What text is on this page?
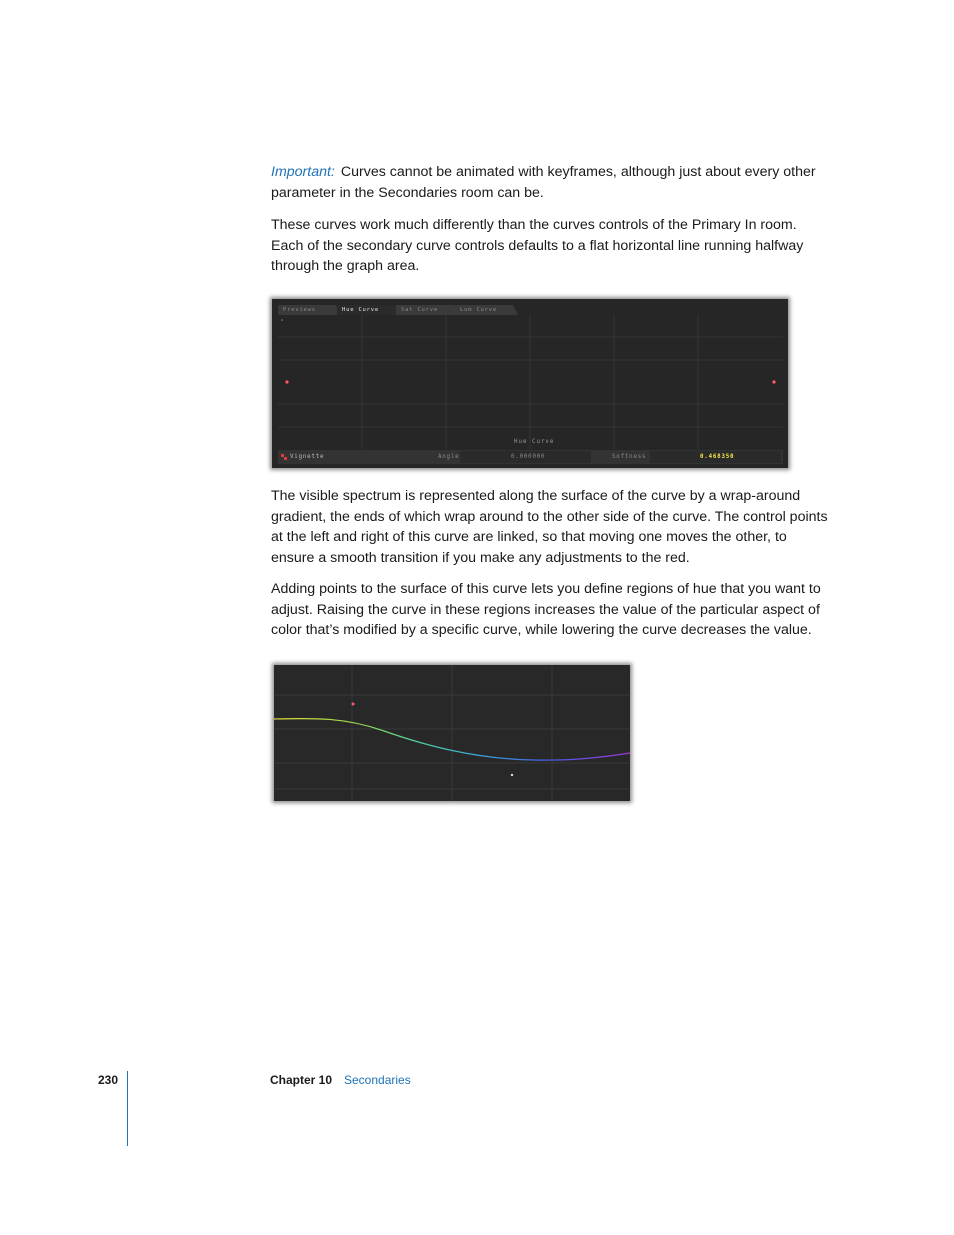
Important: Curves cannot be animated with keyframes, although just about every other parameter in the Secondaries room can be.

These curves work much differently than the curves controls of the Primary In room. Each of the secondary curve controls defaults to a flat horizontal line running halfway through the graph area.

Previews	Hue Curve	Sat Curve	Lum Curve
Hue Curve
Vignette	Angle	0.000000	Softness	0.468350

The visible spectrum is represented along the surface of the curve by a wrap-around gradient, the ends of which wrap around to the other side of the curve. The control points at the left and right of this curve are linked, so that moving one moves the other, to ensure a smooth transition if you make any adjustments to the red.

Adding points to the surface of this curve lets you define regions of hue that you want to adjust. Raising the curve in these regions increases the value of the particular aspect of color that’s modified by a specific curve, while lowering the curve decreases the value.

230	Chapter 10 Secondaries
